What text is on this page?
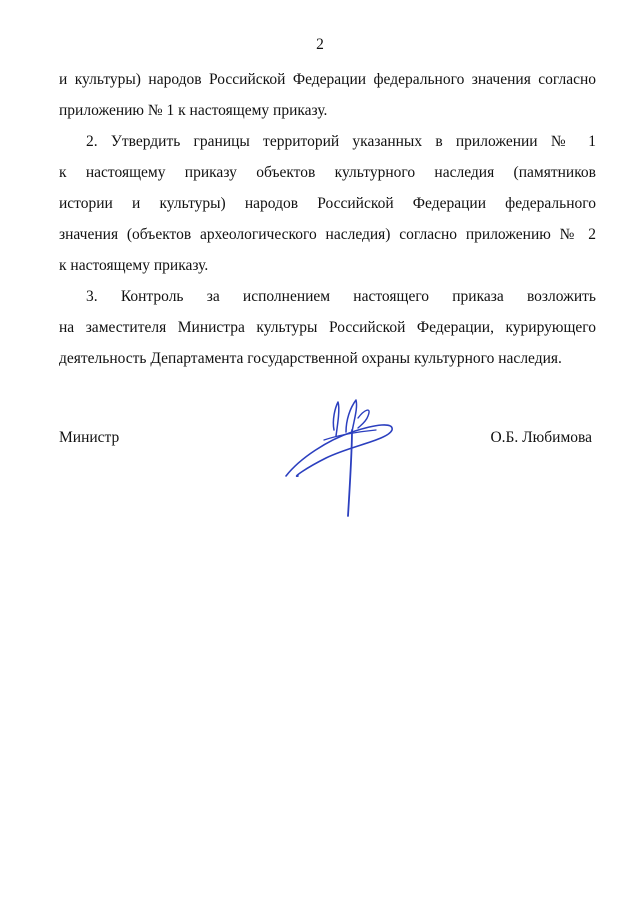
2
и культуры) народов Российской Федерации федерального значения согласно
приложению № 1 к настоящему приказу.
2. Утвердить границы территорий указанных в приложении № 1
к настоящему приказу объектов культурного наследия (памятников
истории и культуры) народов Российской Федерации федерального
значения (объектов археологического наследия) согласно приложению № 2
к настоящему приказу.
3. Контроль за исполнением настоящего приказа возложить
на заместителя Министра культуры Российской Федерации, курирующего
деятельность Департамента государственной охраны культурного наследия.
Министр	О.Б. Любимова
